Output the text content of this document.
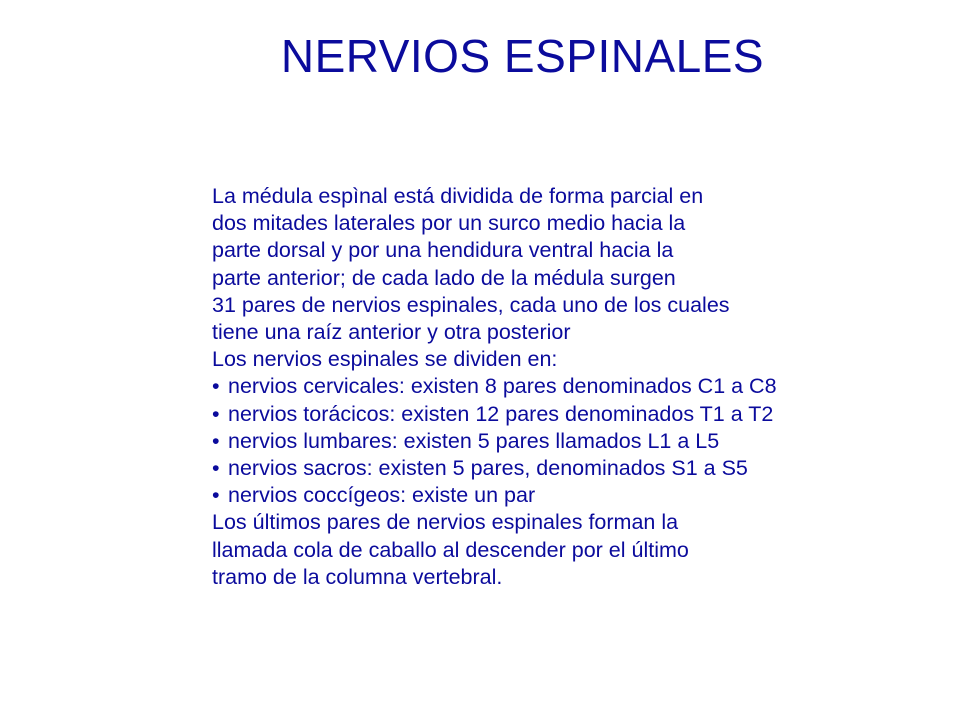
NERVIOS ESPINALES
La médula espìnal está dividida de forma parcial en
dos mitades laterales por un surco medio hacia la
parte dorsal y por una hendidura ventral hacia la
parte anterior; de cada lado de la médula surgen
31 pares de nervios espinales, cada uno de los cuales
tiene una raíz anterior y otra posterior
Los nervios espinales se dividen en:
• nervios cervicales: existen 8 pares denominados C1 a C8
• nervios torácicos: existen 12 pares denominados T1 a T2
• nervios lumbares: existen 5 pares llamados L1 a L5
• nervios sacros: existen 5 pares, denominados S1 a S5
• nervios coccígeos: existe un par
Los últimos pares de nervios espinales forman la
llamada cola de caballo al descender por el último
tramo de la columna vertebral.
